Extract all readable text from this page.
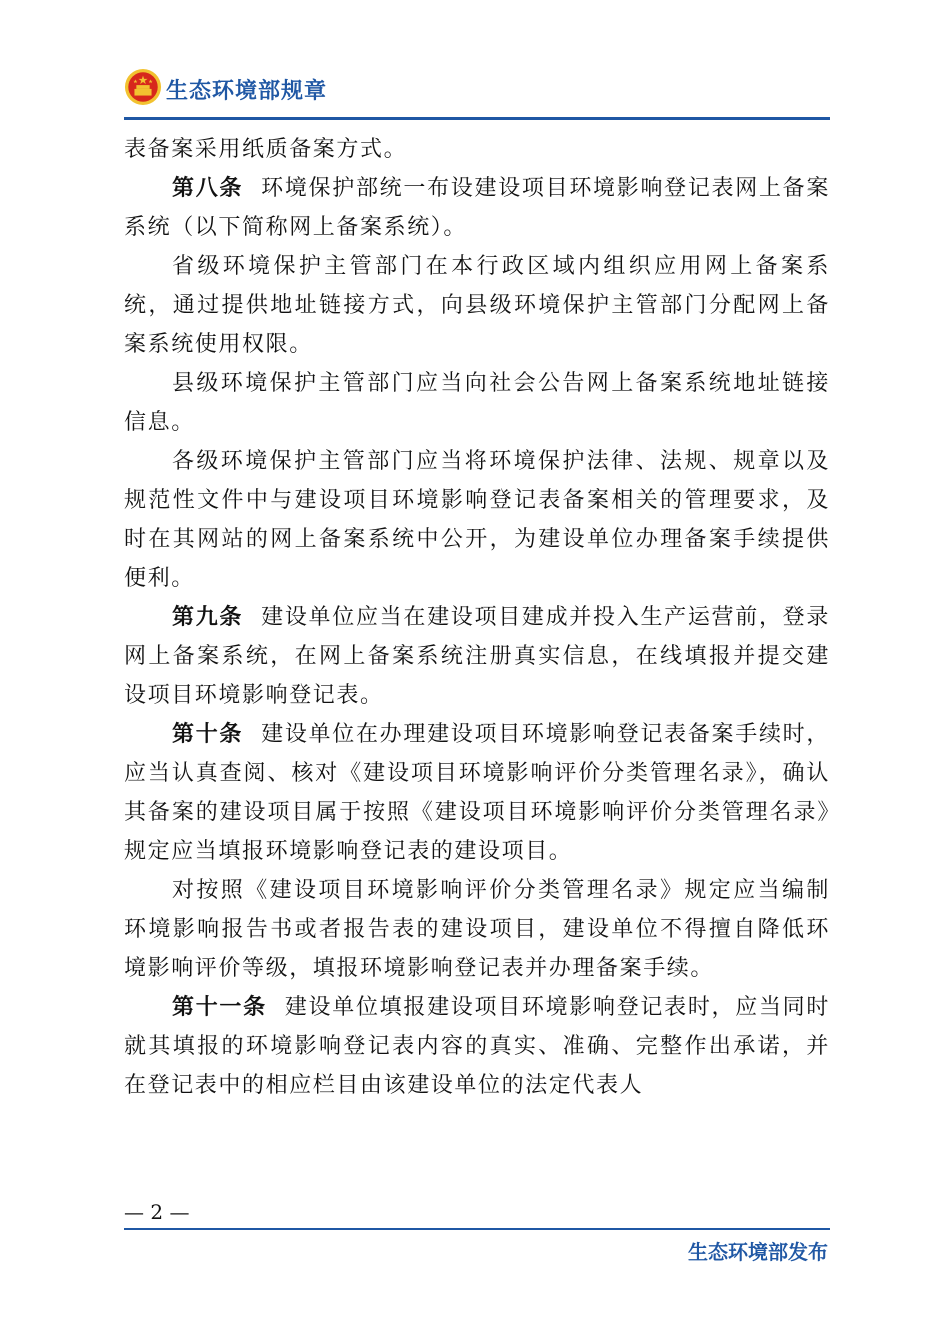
生态环境部规章

表备案采用纸质备案方式。

第八条 环境保护部统一布设建设项目环境影响登记表网上备案系统（以下简称网上备案系统）。

省级环境保护主管部门在本行政区域内组织应用网上备案系统，通过提供地址链接方式，向县级环境保护主管部门分配网上备案系统使用权限。

县级环境保护主管部门应当向社会公告网上备案系统地址链接信息。

各级环境保护主管部门应当将环境保护法律、法规、规章以及规范性文件中与建设项目环境影响登记表备案相关的管理要求，及时在其网站的网上备案系统中公开，为建设单位办理备案手续提供便利。

第九条 建设单位应当在建设项目建成并投入生产运营前，登录网上备案系统，在网上备案系统注册真实信息，在线填报并提交建设项目环境影响登记表。

第十条 建设单位在办理建设项目环境影响登记表备案手续时，应当认真查阅、核对《建设项目环境影响评价分类管理名录》，确认其备案的建设项目属于按照《建设项目环境影响评价分类管理名录》规定应当填报环境影响登记表的建设项目。

对按照《建设项目环境影响评价分类管理名录》规定应当编制环境影响报告书或者报告表的建设项目，建设单位不得擅自降低环境影响评价等级，填报环境影响登记表并办理备案手续。

第十一条 建设单位填报建设项目环境影响登记表时，应当同时就其填报的环境影响登记表内容的真实、准确、完整作出承诺，并在登记表中的相应栏目由该建设单位的法定代表人

— 2 —
生态环境部发布
